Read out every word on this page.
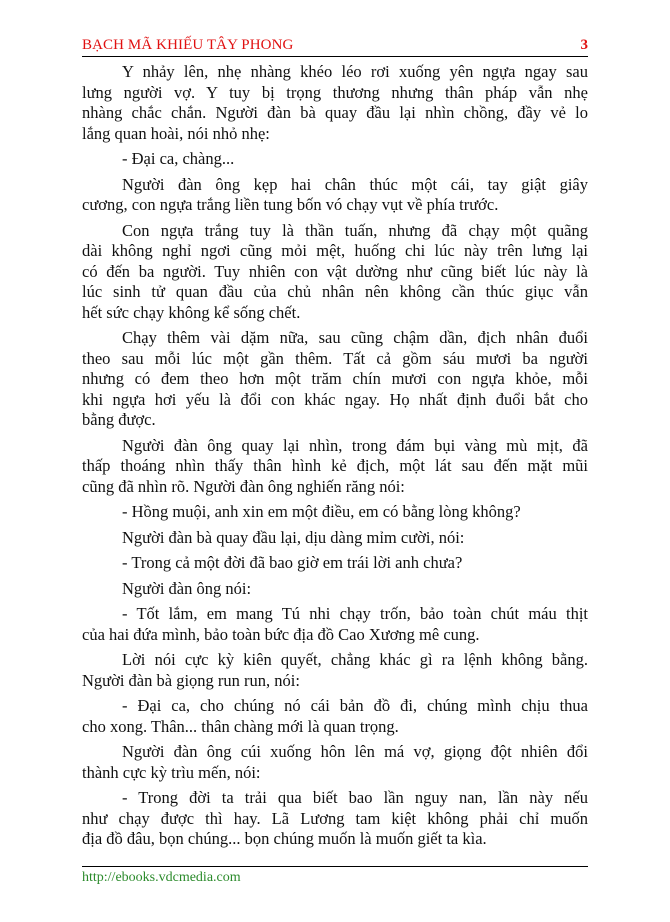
BẠCH MÃ KHIẾU TÂY PHONG	3
Y nhảy lên, nhẹ nhàng khéo léo rơi xuống yên ngựa ngay sau
lưng người vợ. Y tuy bị trọng thương nhưng thân pháp vẫn nhẹ
nhàng chắc chắn. Người đàn bà quay đầu lại nhìn chồng, đầy vẻ lo
lắng quan hoài, nói nhỏ nhẹ:
- Đại ca, chàng...
Người đàn ông kẹp hai chân thúc một cái, tay giật giây
cương, con ngựa trắng liền tung bốn vó chạy vụt về phía trước.
Con ngựa trắng tuy là thần tuấn, nhưng đã chạy một quãng
dài không nghỉ ngơi cũng mỏi mệt, huống chi lúc này trên lưng lại
có đến ba người. Tuy nhiên con vật dường như cũng biết lúc này là
lúc sinh tử quan đầu của chủ nhân nên không cần thúc giục vẫn
hết sức chạy không kể sống chết.
Chạy thêm vài dặm nữa, sau cũng chậm dần, địch nhân đuổi
theo sau mỗi lúc một gần thêm. Tất cả gồm sáu mươi ba người
nhưng có đem theo hơn một trăm chín mươi con ngựa khỏe, mỗi
khi ngựa hơi yếu là đổi con khác ngay. Họ nhất định đuổi bắt cho
bằng được.
Người đàn ông quay lại nhìn, trong đám bụi vàng mù mịt, đã
thấp thoáng nhìn thấy thân hình kẻ địch, một lát sau đến mặt mũi
cũng đã nhìn rõ. Người đàn ông nghiến răng nói:
- Hồng muội, anh xin em một điều, em có bằng lòng không?
Người đàn bà quay đầu lại, dịu dàng mỉm cười, nói:
- Trong cả một đời đã bao giờ em trái lời anh chưa?
Người đàn ông nói:
- Tốt lắm, em mang Tú nhi chạy trốn, bảo toàn chút máu thịt
của hai đứa mình, bảo toàn bức địa đồ Cao Xương mê cung.
Lời nói cực kỳ kiên quyết, chẳng khác gì ra lệnh không bằng.
Người đàn bà giọng run run, nói:
- Đại ca, cho chúng nó cái bản đồ đi, chúng mình chịu thua
cho xong. Thân... thân chàng mới là quan trọng.
Người đàn ông cúi xuống hôn lên má vợ, giọng đột nhiên đổi
thành cực kỳ trìu mến, nói:
- Trong đời ta trải qua biết bao lần nguy nan, lần này nếu
như chạy được thì hay. Lã Lương tam kiệt không phải chỉ muốn
địa đồ đâu, bọn chúng... bọn chúng muốn là muốn giết ta kìa.
http://ebooks.vdcmedia.com
